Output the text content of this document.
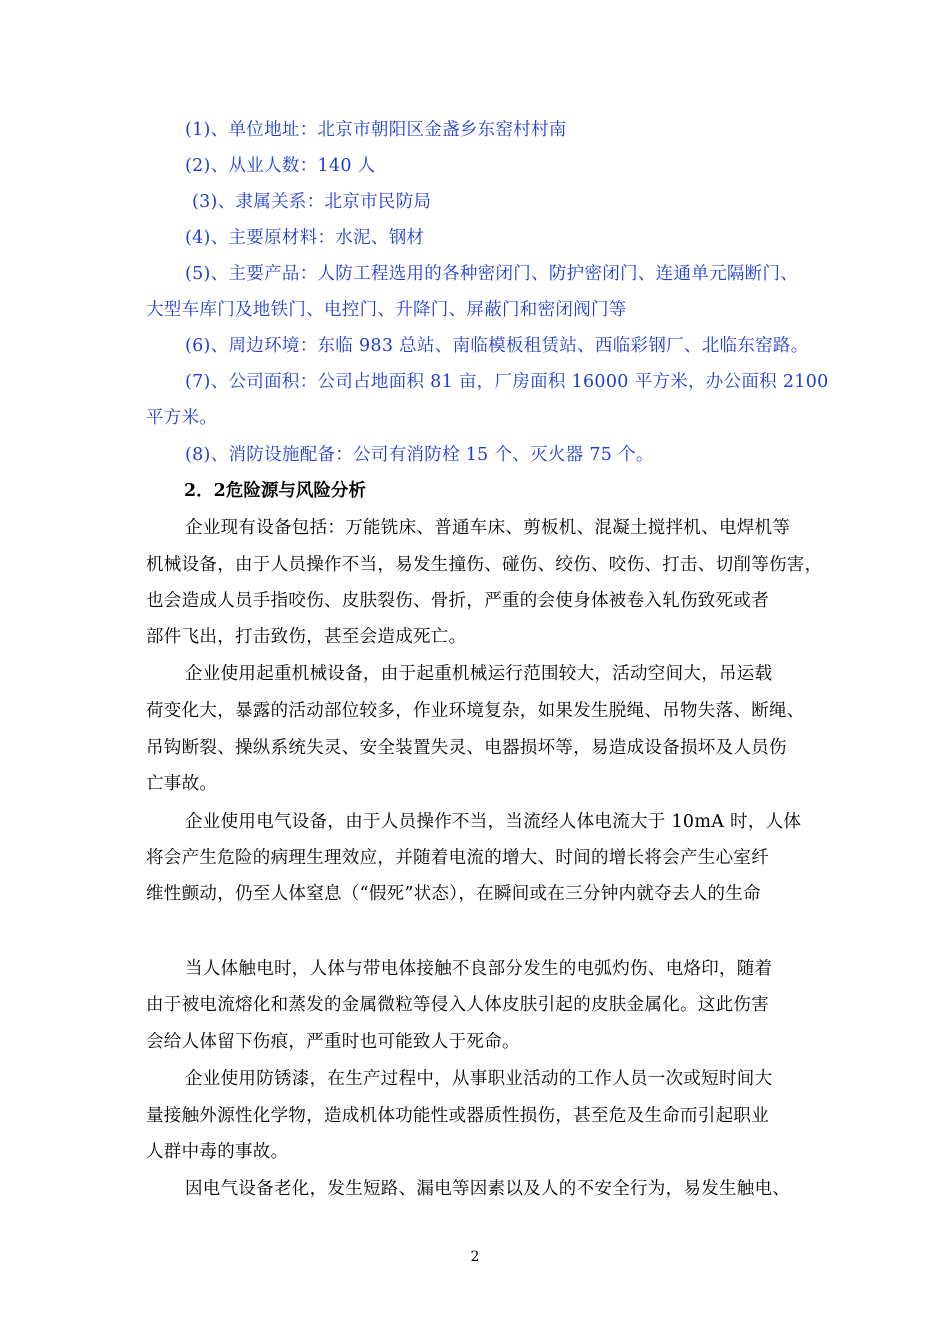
(1)、单位地址：北京市朝阳区金盏乡东窑村村南
(2)、从业人数：140 人
(3)、隶属关系：北京市民防局
(4)、主要原材料：水泥、钢材
(5)、主要产品：人防工程选用的各种密闭门、防护密闭门、连通单元隔断门、
大型车库门及地铁门、电控门、升降门、屏蔽门和密闭阀门等
(6)、周边环境：东临 983 总站、南临模板租赁站、西临彩钢厂、北临东窑路。
(7)、公司面积：公司占地面积 81 亩，厂房面积 16000 平方米，办公面积 2100
平方米。
(8)、消防设施配备：公司有消防栓 15 个、灭火器 75 个。
2．2危险源与风险分析
企业现有设备包括：万能铣床、普通车床、剪板机、混凝土搅拌机、电焊机等
机械设备，由于人员操作不当，易发生撞伤、碰伤、绞伤、咬伤、打击、切削等伤害，
也会造成人员手指咬伤、皮肤裂伤、骨折，严重的会使身体被卷入轧伤致死或者
部件飞出，打击致伤，甚至会造成死亡。
企业使用起重机械设备，由于起重机械运行范围较大，活动空间大，吊运载
荷变化大，暴露的活动部位较多，作业环境复杂，如果发生脱绳、吊物失落、断绳、
吊钩断裂、操纵系统失灵、安全装置失灵、电器损坏等，易造成设备损坏及人员伤
亡事故。
企业使用电气设备，由于人员操作不当，当流经人体电流大于 10mA 时，人体
将会产生危险的病理生理效应，并随着电流的增大、时间的增长将会产生心室纤
维性颤动，仍至人体窒息（“假死”状态），在瞬间或在三分钟内就夺去人的生命
当人体触电时，人体与带电体接触不良部分发生的电弧灼伤、电烙印，随着
由于被电流熔化和蒸发的金属微粒等侵入人体皮肤引起的皮肤金属化。这此伤害
会给人体留下伤痕，严重时也可能致人于死命。
企业使用防锈漆，在生产过程中，从事职业活动的工作人员一次或短时间大
量接触外源性化学物，造成机体功能性或器质性损伤，甚至危及生命而引起职业
人群中毒的事故。
因电气设备老化，发生短路、漏电等因素以及人的不安全行为，易发生触电、
2
